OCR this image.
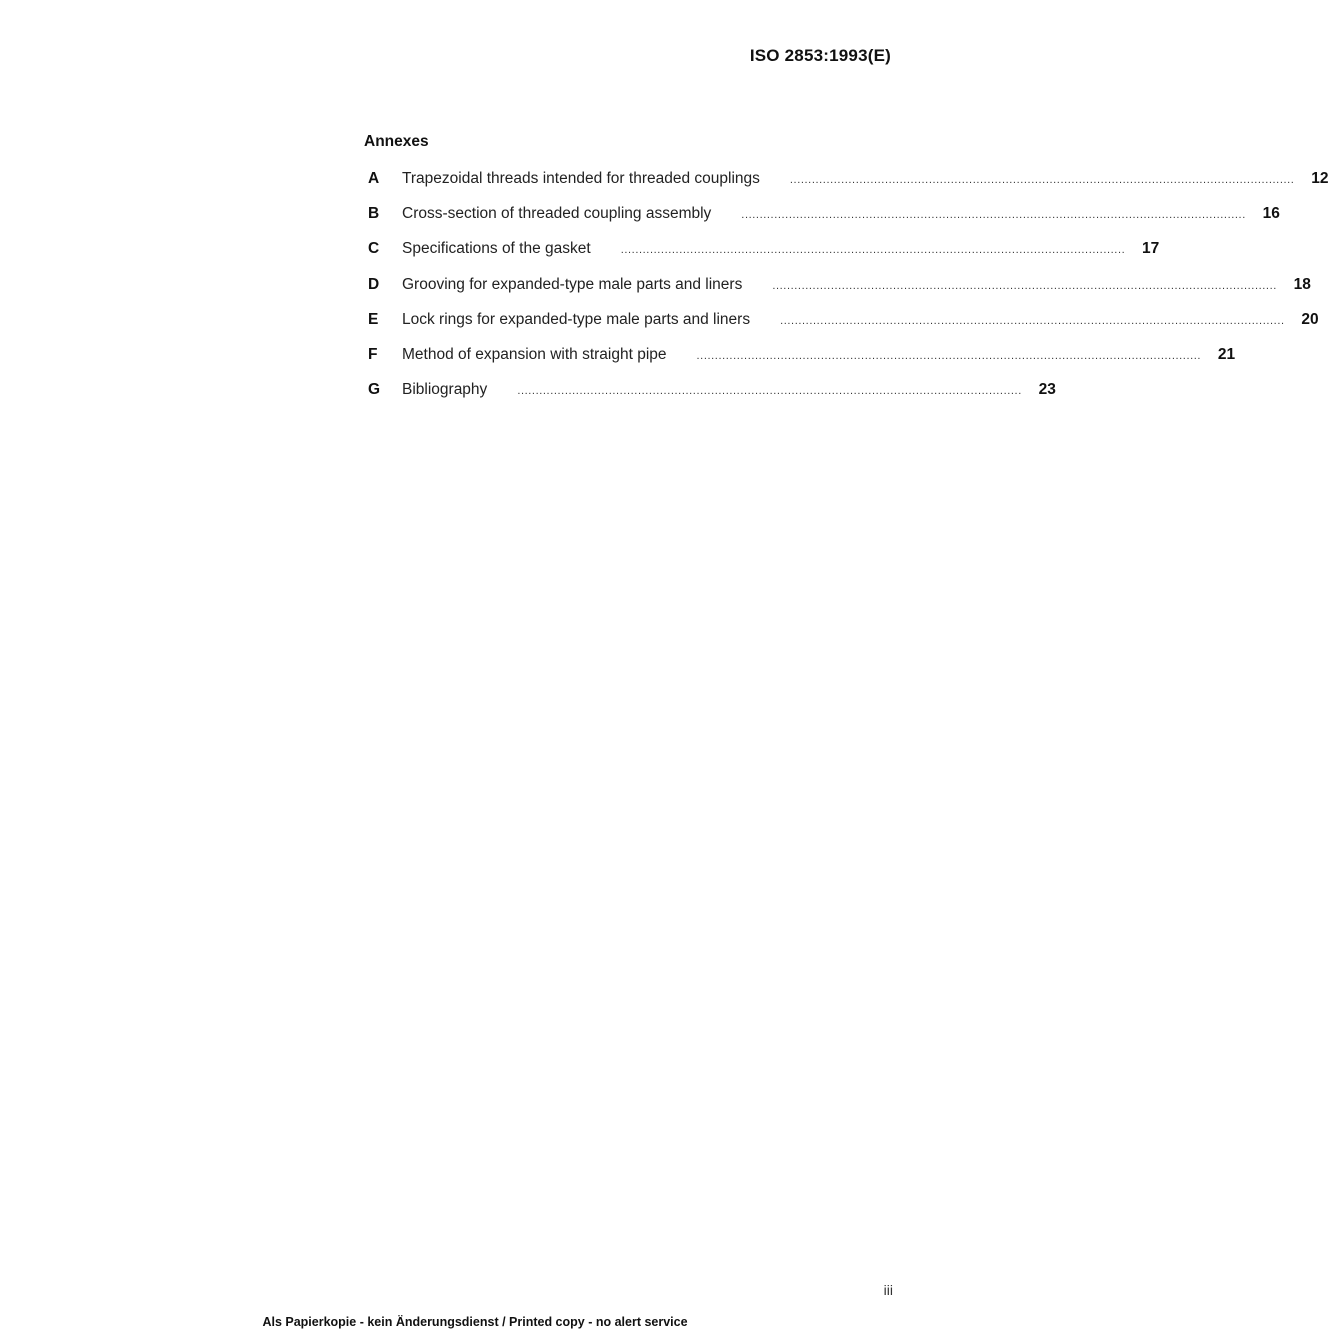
ISO 2853:1993(E)
Annexes
A	Trapezoidal threads intended for threaded couplings	..........................................................................................................................................	12
B	Cross-section of threaded coupling assembly	..........................................................................................................................................	16
C	Specifications of the gasket	..........................................................................................................................................	17
D	Grooving for expanded-type male parts and liners	..........................................................................................................................................	18
E	Lock rings for expanded-type male parts and liners	..........................................................................................................................................	20
F	Method of expansion with straight pipe	..........................................................................................................................................	21
G	Bibliography	..........................................................................................................................................	23
iii
Als Papierkopie - kein Änderungsdienst / Printed copy - no alert service
